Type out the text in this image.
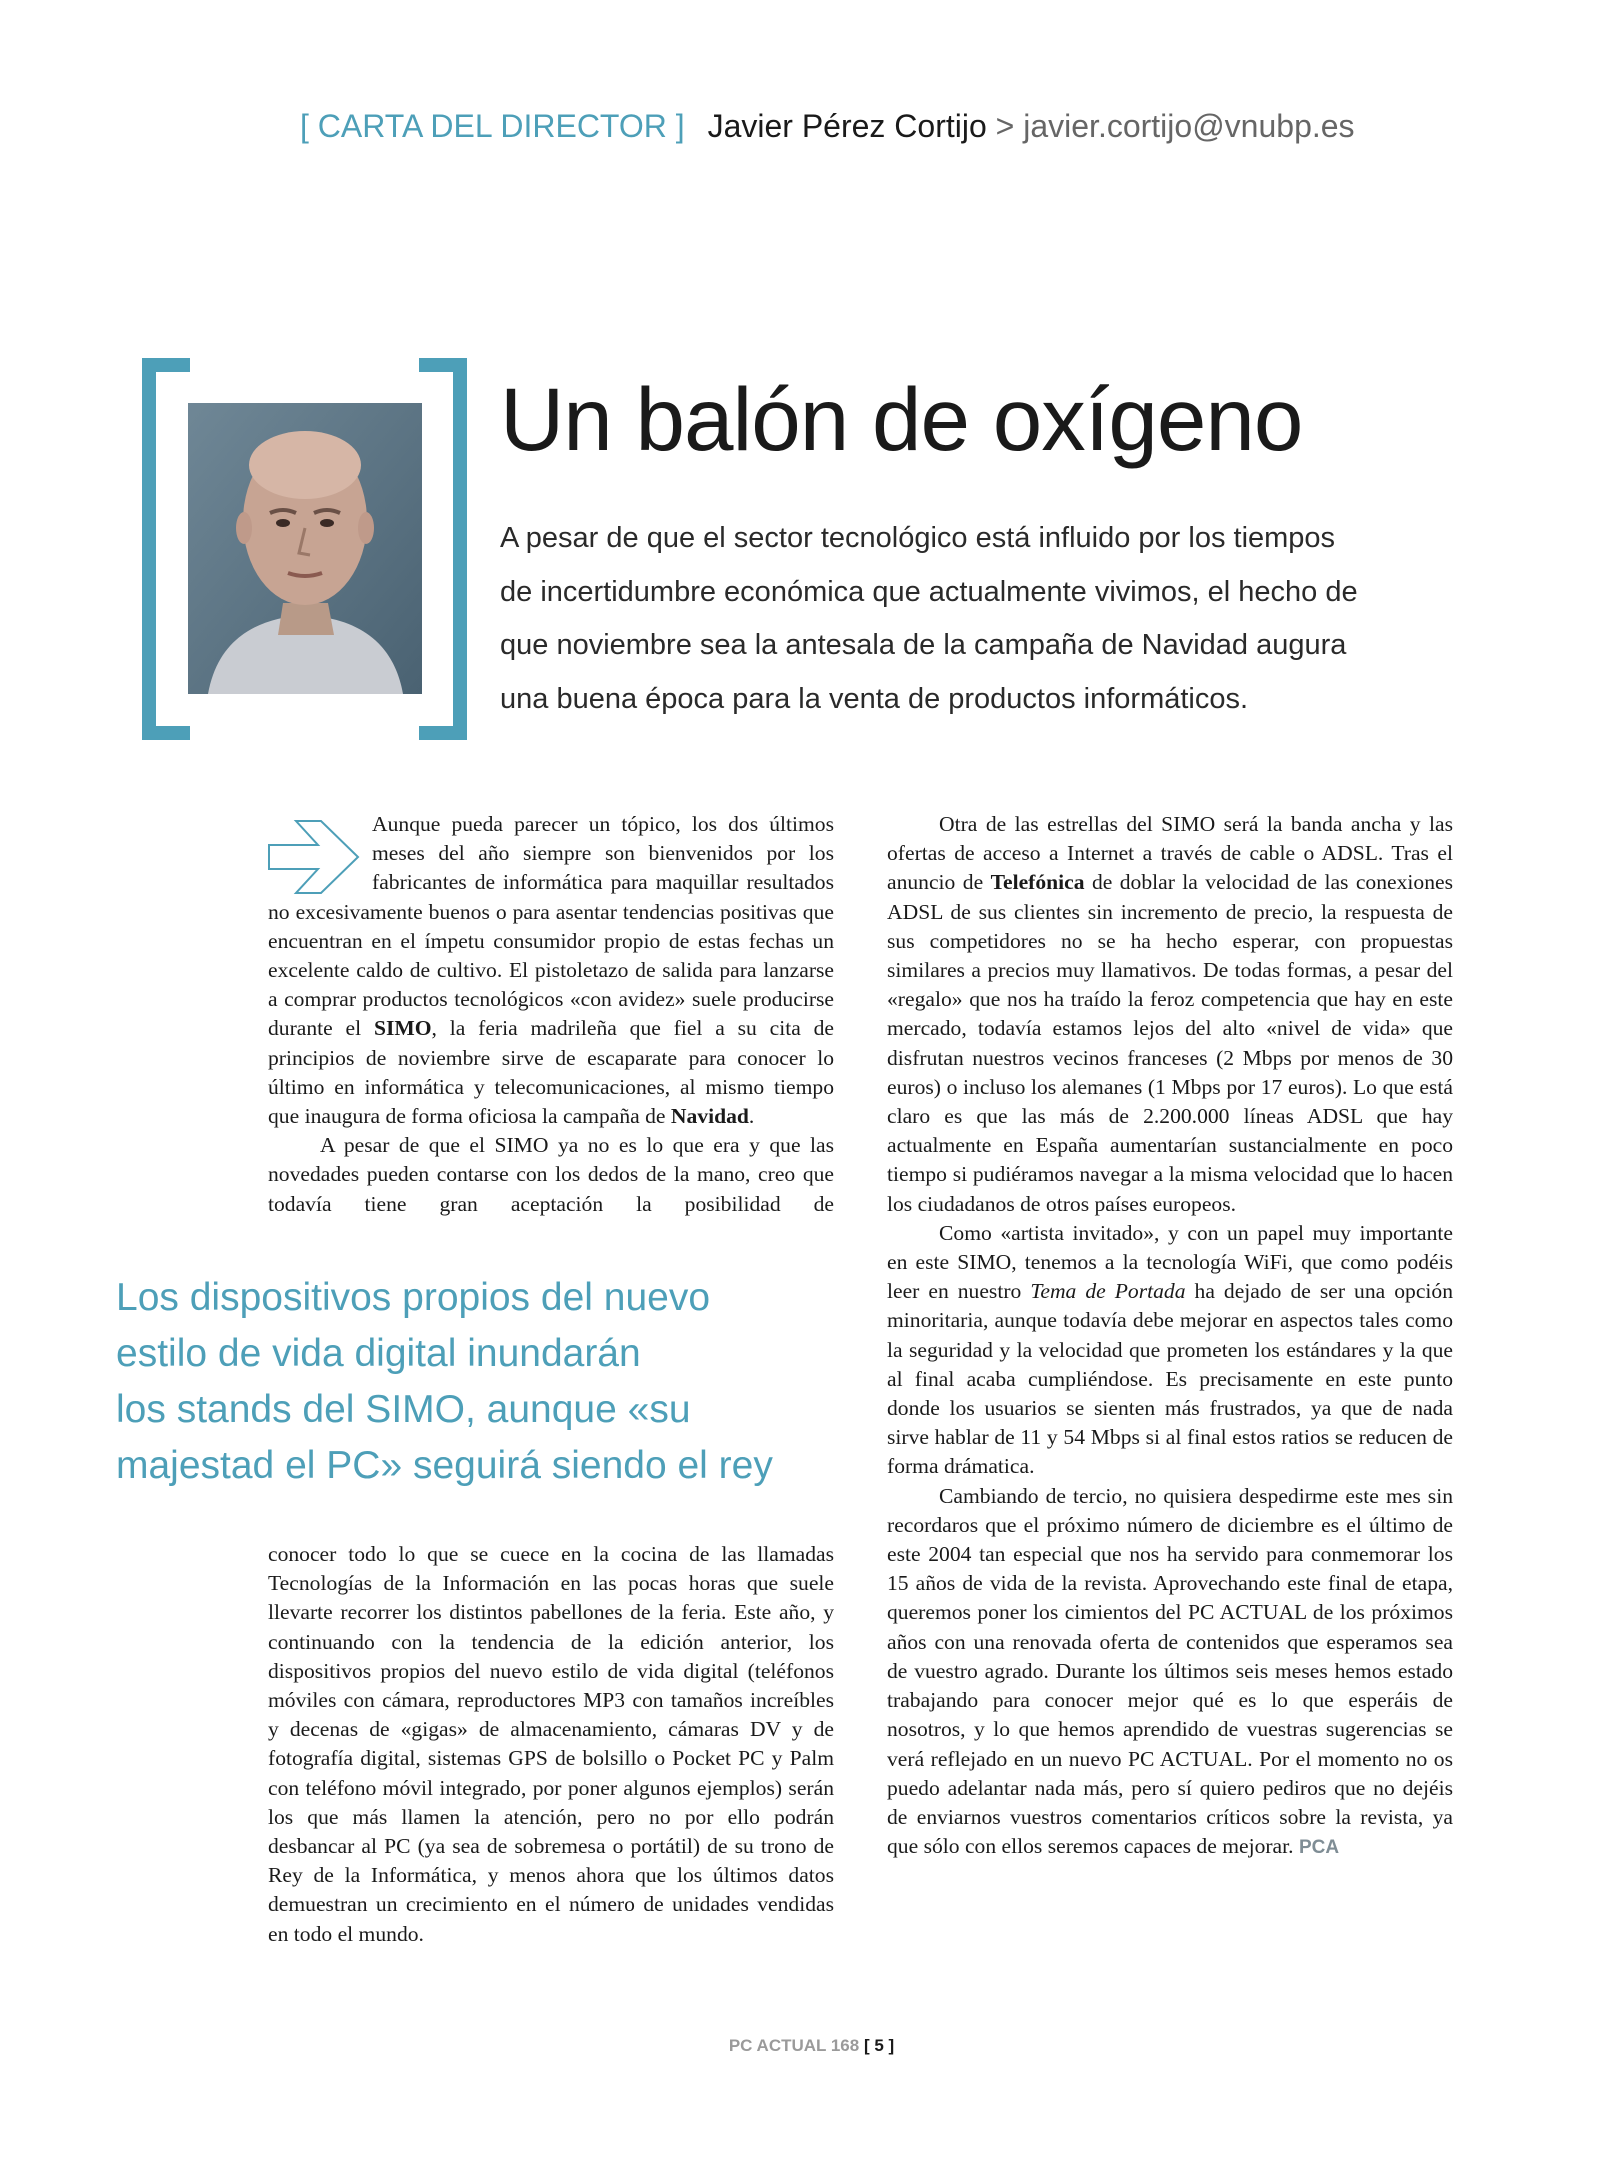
[ CARTA DEL DIRECTOR ] Javier Pérez Cortijo > javier.cortijo@vnubp.es
Un balón de oxígeno
A pesar de que el sector tecnológico está influido por los tiempos
de incertidumbre económica que actualmente vivimos, el hecho de
que noviembre sea la antesala de la campaña de Navidad augura
una buena época para la venta de productos informáticos.

Aunque pueda parecer un tópico, los dos últimos meses del año siempre son bienvenidos por los fabricantes de informática para maquillar resultados no excesivamente buenos o para asentar tendencias positivas que encuentran en el ímpetu consumidor propio de estas fechas un excelente caldo de cultivo. El pistoletazo de salida para lanzarse a comprar productos tecnológicos «con avidez» suele producirse durante el SIMO, la feria madrileña que fiel a su cita de principios de noviembre sirve de escaparate para conocer lo último en informática y telecomunicaciones, al mismo tiempo que inaugura de forma oficiosa la campaña de Navidad.

A pesar de que el SIMO ya no es lo que era y que las novedades pueden contarse con los dedos de la mano, creo que todavía tiene gran aceptación la posibilidad de

Los dispositivos propios del nuevo
estilo de vida digital inundarán
los stands del SIMO, aunque «su
majestad el PC» seguirá siendo el rey

conocer todo lo que se cuece en la cocina de las llamadas Tecnologías de la Información en las pocas horas que suele llevarte recorrer los distintos pabellones de la feria. Este año, y continuando con la tendencia de la edición anterior, los dispositivos propios del nuevo estilo de vida digital (teléfonos móviles con cámara, reproductores MP3 con tamaños increíbles y decenas de «gigas» de almacenamiento, cámaras DV y de fotografía digital, sistemas GPS de bolsillo o Pocket PC y Palm con teléfono móvil integrado, por poner algunos ejemplos) serán los que más llamen la atención, pero no por ello podrán desbancar al PC (ya sea de sobremesa o portátil) de su trono de Rey de la Informática, y menos ahora que los últimos datos demuestran un crecimiento en el número de unidades vendidas en todo el mundo.

Otra de las estrellas del SIMO será la banda ancha y las ofertas de acceso a Internet a través de cable o ADSL. Tras el anuncio de Telefónica de doblar la velocidad de las conexiones ADSL de sus clientes sin incremento de precio, la respuesta de sus competidores no se ha hecho esperar, con propuestas similares a precios muy llamativos. De todas formas, a pesar del «regalo» que nos ha traído la feroz competencia que hay en este mercado, todavía estamos lejos del alto «nivel de vida» que disfrutan nuestros vecinos franceses (2 Mbps por menos de 30 euros) o incluso los alemanes (1 Mbps por 17 euros). Lo que está claro es que las más de 2.200.000 líneas ADSL que hay actualmente en España aumentarían sustancialmente en poco tiempo si pudiéramos navegar a la misma velocidad que lo hacen los ciudadanos de otros países europeos.

Como «artista invitado», y con un papel muy importante en este SIMO, tenemos a la tecnología WiFi, que como podéis leer en nuestro Tema de Portada ha dejado de ser una opción minoritaria, aunque todavía debe mejorar en aspectos tales como la seguridad y la velocidad que prometen los estándares y la que al final acaba cumpliéndose. Es precisamente en este punto donde los usuarios se sienten más frustrados, ya que de nada sirve hablar de 11 y 54 Mbps si al final estos ratios se reducen de forma drámatica.

Cambiando de tercio, no quisiera despedirme este mes sin recordaros que el próximo número de diciembre es el último de este 2004 tan especial que nos ha servido para conmemorar los 15 años de vida de la revista. Aprovechando este final de etapa, queremos poner los cimientos del PC ACTUAL de los próximos años con una renovada oferta de contenidos que esperamos sea de vuestro agrado. Durante los últimos seis meses hemos estado trabajando para conocer mejor qué es lo que esperáis de nosotros, y lo que hemos aprendido de vuestras sugerencias se verá reflejado en un nuevo PC ACTUAL. Por el momento no os puedo adelantar nada más, pero sí quiero pediros que no dejéis de enviarnos vuestros comentarios críticos sobre la revista, ya que sólo con ellos seremos capaces de mejorar. PCA

PC ACTUAL 168 [ 5 ]
